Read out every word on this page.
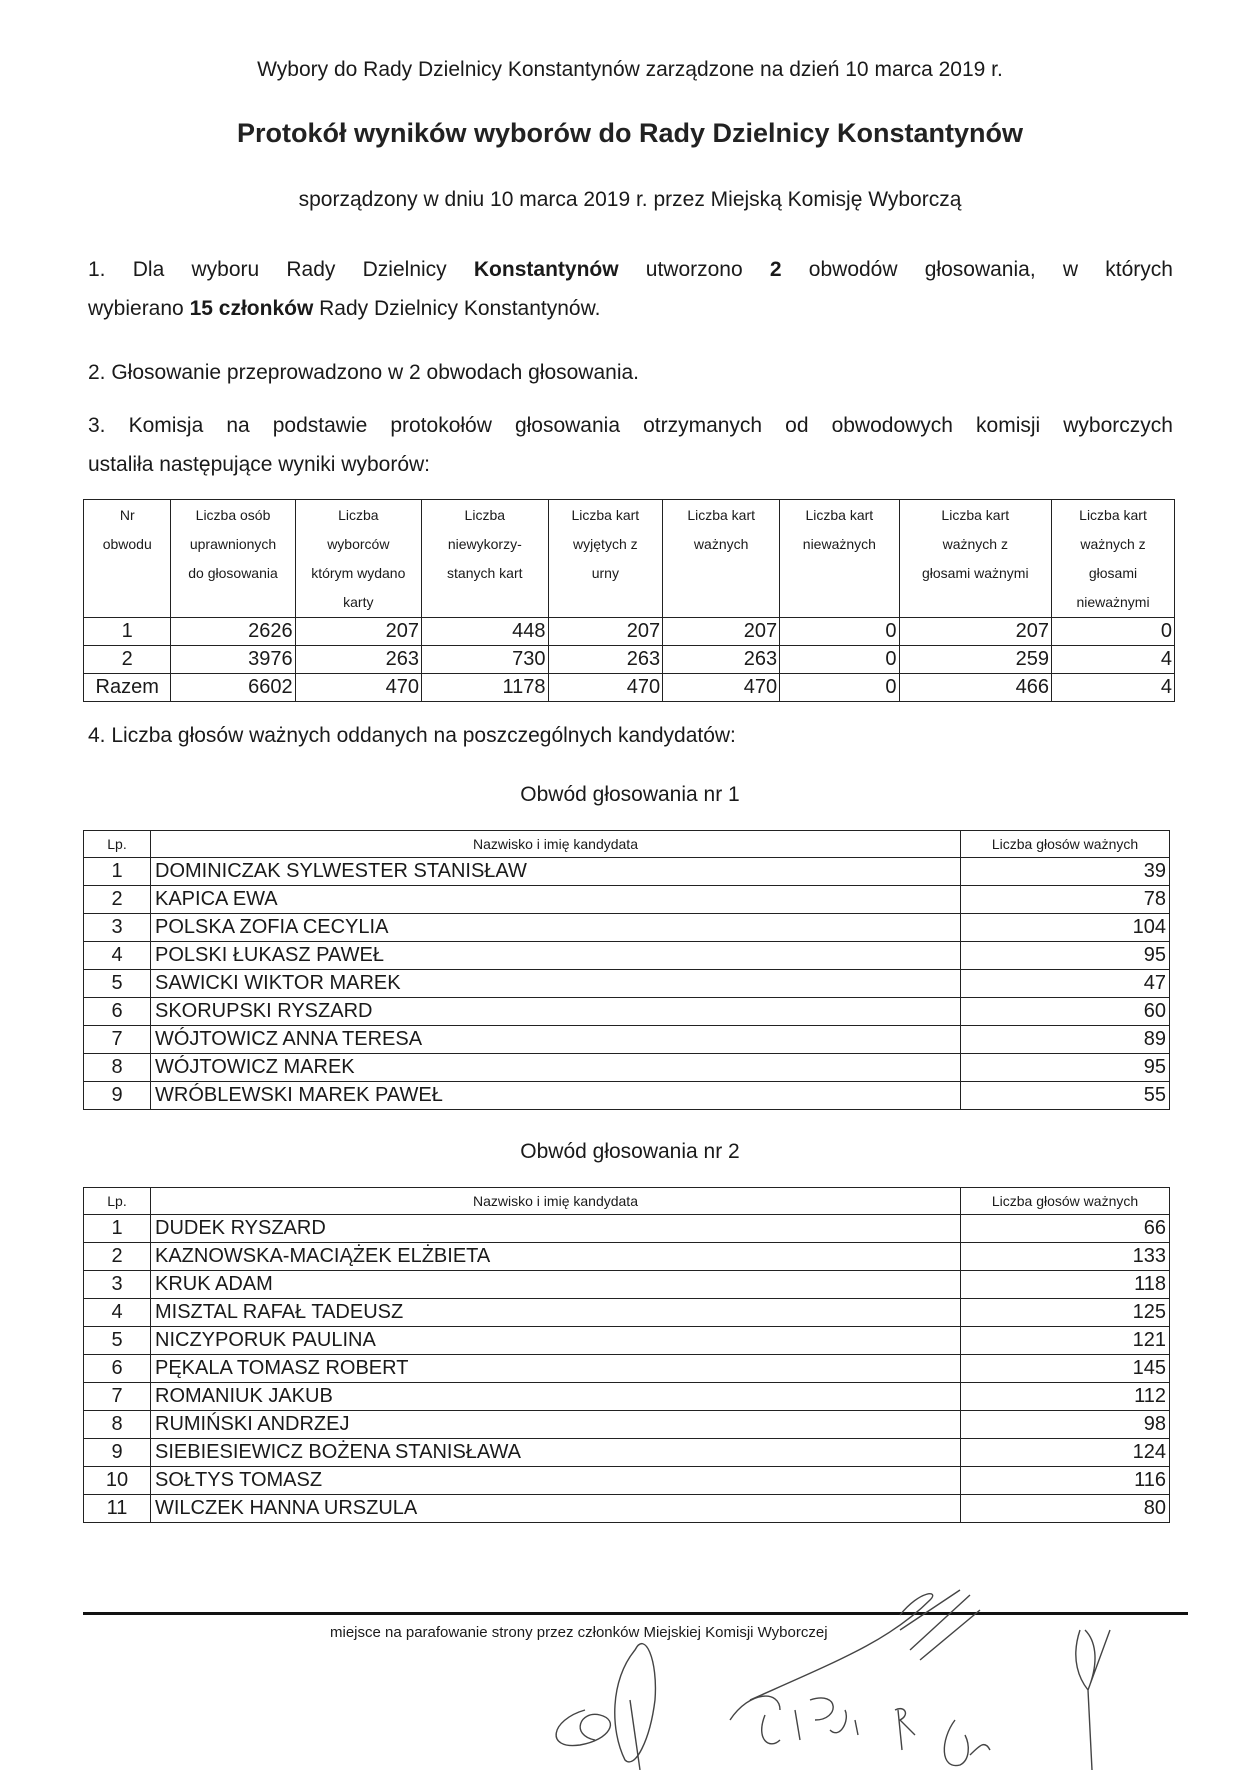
Wybory do Rady Dzielnicy Konstantynów zarządzone na dzień 10 marca 2019 r.
Protokół wyników wyborów do Rady Dzielnicy Konstantynów
sporządzony w dniu 10 marca 2019 r. przez Miejską Komisję Wyborczą
1. Dla wyboru Rady Dzielnicy Konstantynów utworzono 2 obwodów głosowania, w których
wybierano 15 członków Rady Dzielnicy Konstantynów.
2. Głosowanie przeprowadzono w 2 obwodach głosowania.
3. Komisja na podstawie protokołów głosowania otrzymanych od obwodowych komisji wyborczych
ustaliła następujące wyniki wyborów:
Nr
obwodu

Liczba osób
uprawnionych
do głosowania

Liczba
wyborców
którym wydano
karty

Liczba
niewykorzy-
stanych kart

Liczba kart
wyjętych z
urny

Liczba kart
ważnych

Liczba kart
nieważnych

Liczba kart
ważnych z
głosami ważnymi

Liczba kart
ważnych z
głosami
nieważnymi

1	2626	207	448	207	207	0	207	0
2	3976	263	730	263	263	0	259	4
Razem	6602	470	1178	470	470	0	466	4
4. Liczba głosów ważnych oddanych na poszczególnych kandydatów:
Obwód głosowania nr 1
Lp.	Nazwisko i imię kandydata	Liczba głosów ważnych
1	DOMINICZAK SYLWESTER STANISŁAW	39
2	KAPICA EWA	78
3	POLSKA ZOFIA CECYLIA	104
4	POLSKI ŁUKASZ PAWEŁ	95
5	SAWICKI WIKTOR MAREK	47
6	SKORUPSKI RYSZARD	60
7	WÓJTOWICZ ANNA TERESA	89
8	WÓJTOWICZ MAREK	95
9	WRÓBLEWSKI MAREK PAWEŁ	55
Obwód głosowania nr 2
Lp.	Nazwisko i imię kandydata	Liczba głosów ważnych
1	DUDEK RYSZARD	66
2	KAZNOWSKA-MACIĄŻEK ELŻBIETA	133
3	KRUK ADAM	118
4	MISZTAL RAFAŁ TADEUSZ	125
5	NICZYPORUK PAULINA	121
6	PĘKALA TOMASZ ROBERT	145
7	ROMANIUK JAKUB	112
8	RUMIŃSKI ANDRZEJ	98
9	SIEBIESIEWICZ BOŻENA STANISŁAWA	124
10	SOŁTYS TOMASZ	116
11	WILCZEK HANNA URSZULA	80
miejsce na parafowanie strony przez członków Miejskiej Komisji Wyborczej
